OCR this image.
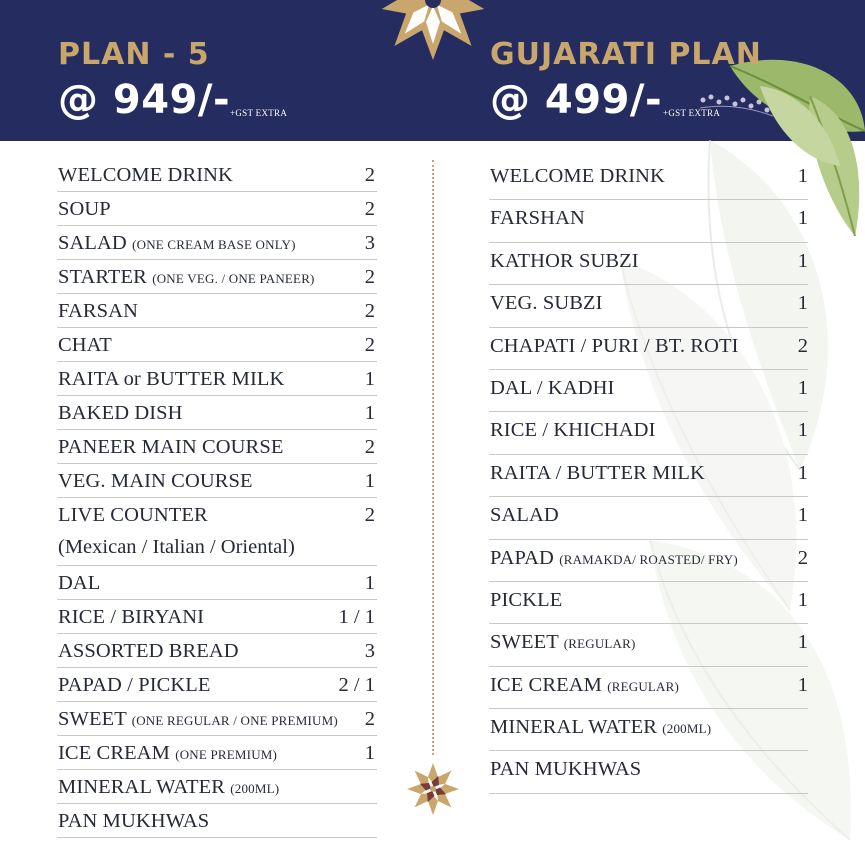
PLAN - 5
@ 949/- +GST EXTRA
GUJARATI PLAN
@ 499/- +GST EXTRA
WELCOME DRINK	2
SOUP	2
SALAD (ONE CREAM BASE ONLY)	3
STARTER (ONE VEG. / ONE PANEER) 2
FARSAN	2
CHAT	2
RAITA or BUTTER MILK	1
BAKED DISH	1
PANEER MAIN COURSE	2
VEG. MAIN COURSE	1
LIVE COUNTER	2
(Mexican / Italian / Oriental)
DAL	1
RICE / BIRYANI	1 / 1
ASSORTED BREAD	3
PAPAD / PICKLE	2 / 1
SWEET (ONE REGULAR / ONE PREMIUM) 2
ICE CREAM (ONE PREMIUM)	1
MINERAL WATER (200ML)
PAN MUKHWAS
WELCOME DRINK	1
FARSHAN	1
KATHOR SUBZI	1
VEG. SUBZI	1
CHAPATI / PURI / BT. ROTI	2
DAL / KADHI	1
RICE / KHICHADI	1
RAITA / BUTTER MILK	1
SALAD	1
PAPAD (RAMAKDA/ ROASTED/ FRY)	2
PICKLE	1
SWEET (REGULAR)	1
ICE CREAM (REGULAR)	1
MINERAL WATER (200ML)
PAN MUKHWAS
